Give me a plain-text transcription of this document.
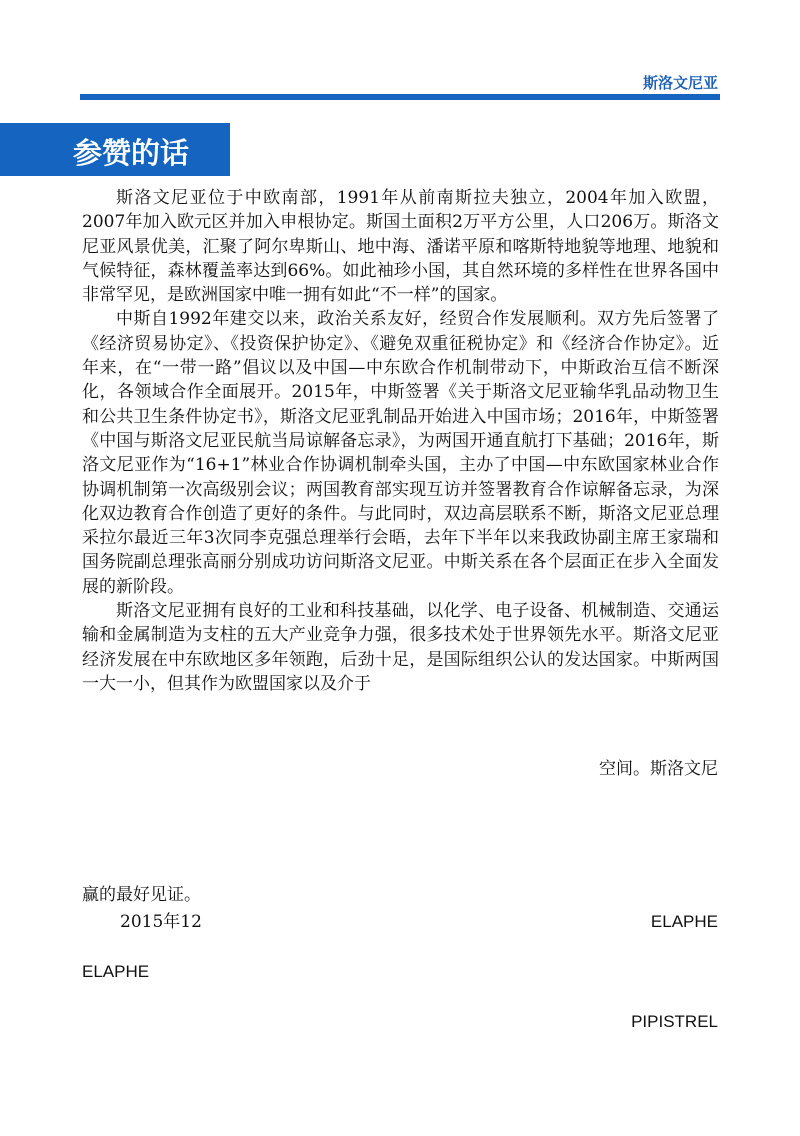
斯洛文尼亚
参赞的话

斯洛文尼亚位于中欧南部，1991年从前南斯拉夫独立，2004年加入欧盟，2007年加入欧元区并加入申根协定。斯国土面积2万平方公里，人口206万。斯洛文尼亚风景优美，汇聚了阿尔卑斯山、地中海、潘诺平原和喀斯特地貌等地理、地貌和气候特征，森林覆盖率达到66%。如此袖珍小国，其自然环境的多样性在世界各国中非常罕见，是欧洲国家中唯一拥有如此“不一样”的国家。

中斯自1992年建交以来，政治关系友好，经贸合作发展顺利。双方先后签署了《经济贸易协定》、《投资保护协定》、《避免双重征税协定》和《经济合作协定》。近年来，在“一带一路”倡议以及中国—中东欧合作机制带动下，中斯政治互信不断深化，各领域合作全面展开。2015年，中斯签署《关于斯洛文尼亚输华乳品动物卫生和公共卫生条件协定书》，斯洛文尼亚乳制品开始进入中国市场；2016年，中斯签署《中国与斯洛文尼亚民航当局谅解备忘录》，为两国开通直航打下基础；2016年，斯洛文尼亚作为“16+1”林业合作协调机制牵头国，主办了中国—中东欧国家林业合作协调机制第一次高级别会议；两国教育部实现互访并签署教育合作谅解备忘录，为深化双边教育合作创造了更好的条件。与此同时，双边高层联系不断，斯洛文尼亚总理采拉尔最近三年3次同李克强总理举行会晤，去年下半年以来我政协副主席王家瑞和国务院副总理张高丽分别成功访问斯洛文尼亚。中斯关系在各个层面正在步入全面发展的新阶段。

斯洛文尼亚拥有良好的工业和科技基础，以化学、电子设备、机械制造、交通运输和金属制造为支柱的五大产业竞争力强，很多技术处于世界领先水平。斯洛文尼亚经济发展在中东欧地区多年领跑，后劲十足，是国际组织公认的发达国家。中斯两国一大一小，但其作为欧盟国家以及介于

空间。斯洛文尼
赢的最好见证。
2015年12	ELAPHE
ELAPHE
PIPISTREL
